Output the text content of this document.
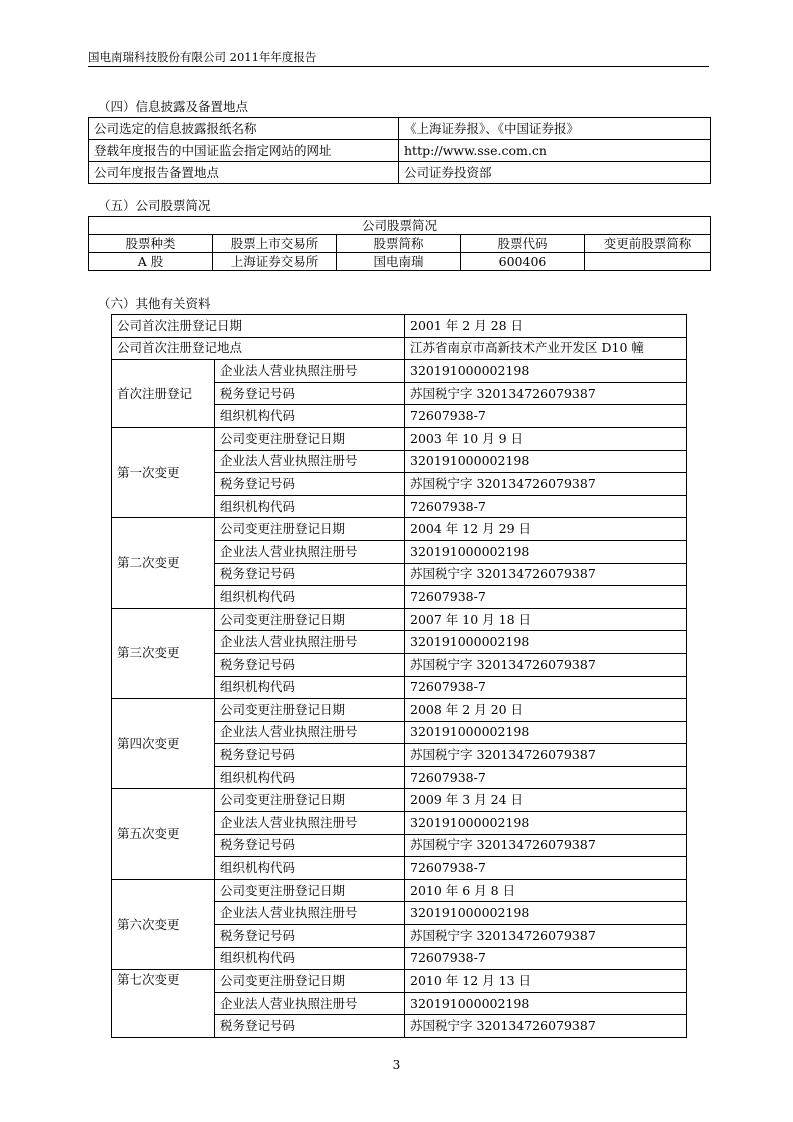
国电南瑞科技股份有限公司 2011年年度报告
（四）信息披露及备置地点
公司选定的信息披露报纸名称	《上海证券报》、《中国证券报》
登载年度报告的中国证监会指定网站的网址	http://www.sse.com.cn
公司年度报告备置地点	公司证券投资部
（五）公司股票简况
公司股票简况				
股票种类	股票上市交易所	股票简称	股票代码	变更前股票简称
A 股	上海证券交易所	国电南瑞	600406	
（六）其他有关资料
公司首次注册登记日期		2001 年 2 月 28 日
公司首次注册登记地点		江苏省南京市高新技术产业开发区 D10 幢
首次注册登记	企业法人营业执照注册号	320191000002198
	税务登记号码	苏国税宁字 320134726079387
	组织机构代码	72607938-7
第一次变更	公司变更注册登记日期	2003 年 10 月 9 日
	企业法人营业执照注册号	320191000002198
	税务登记号码	苏国税宁字 320134726079387
	组织机构代码	72607938-7
第二次变更	公司变更注册登记日期	2004 年 12 月 29 日
	企业法人营业执照注册号	320191000002198
	税务登记号码	苏国税宁字 320134726079387
	组织机构代码	72607938-7
第三次变更	公司变更注册登记日期	2007 年 10 月 18 日
	企业法人营业执照注册号	320191000002198
	税务登记号码	苏国税宁字 320134726079387
	组织机构代码	72607938-7
第四次变更	公司变更注册登记日期	2008 年 2 月 20 日
	企业法人营业执照注册号	320191000002198
	税务登记号码	苏国税宁字 320134726079387
	组织机构代码	72607938-7
第五次变更	公司变更注册登记日期	2009 年 3 月 24 日
	企业法人营业执照注册号	320191000002198
	税务登记号码	苏国税宁字 320134726079387
	组织机构代码	72607938-7
第六次变更	公司变更注册登记日期	2010 年 6 月 8 日
	企业法人营业执照注册号	320191000002198
	税务登记号码	苏国税宁字 320134726079387
	组织机构代码	72607938-7
第七次变更	公司变更注册登记日期	2010 年 12 月 13 日
	企业法人营业执照注册号	320191000002198
	税务登记号码	苏国税宁字 320134726079387
3
